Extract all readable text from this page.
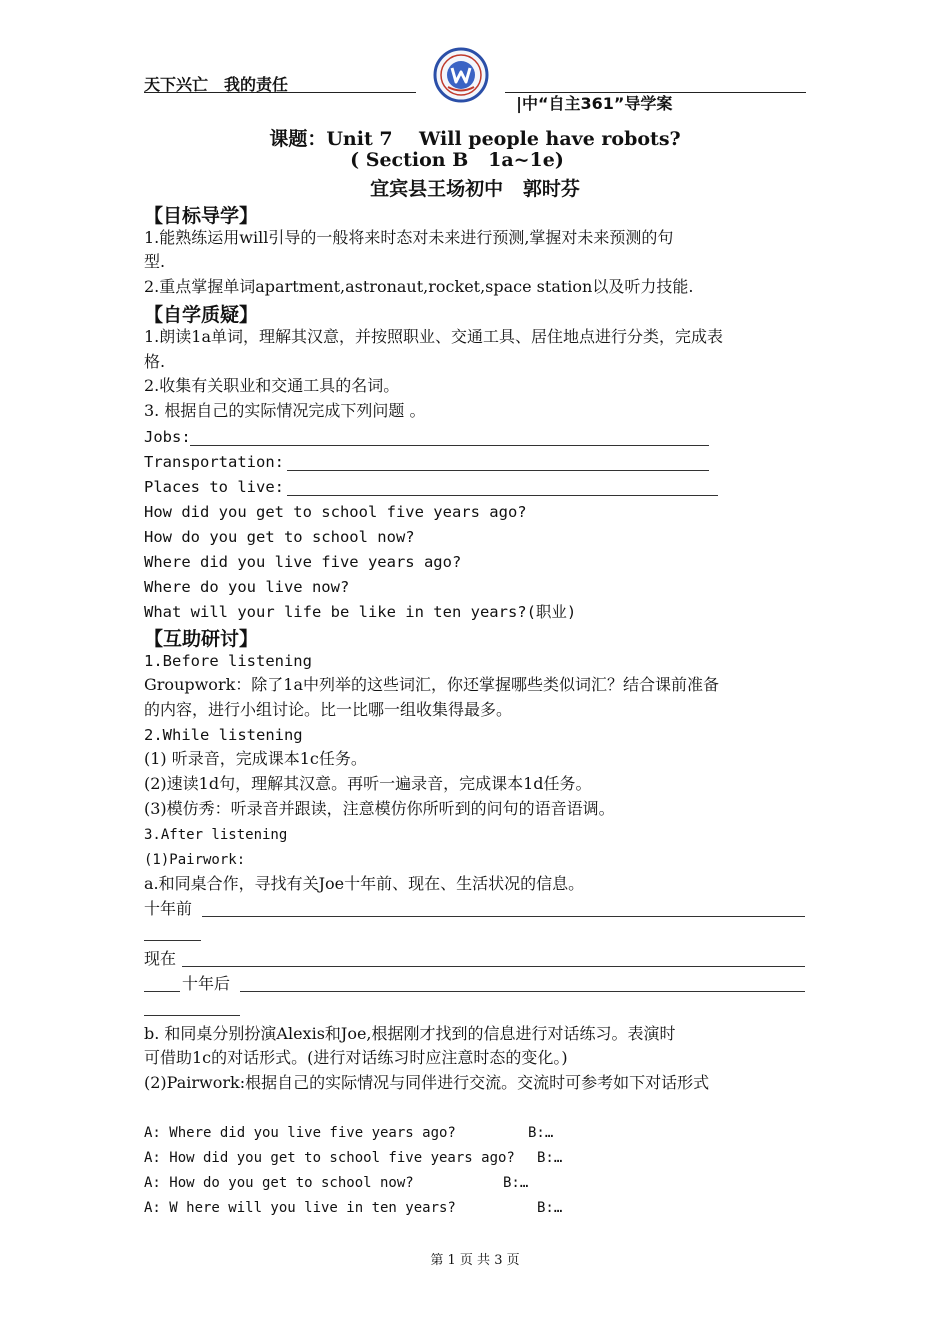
天下兴亡　我的责任

|中“自主361”导学案

课题：Unit 7    Will people have robots?
( Section B   1a~1e)
宜宾县王场初中   郭时芬
【目标导学】
1.能熟练运用will引导的一般将来时态对未来进行预测,掌握对未来预测的句
型.
2.重点掌握单词apartment,astronaut,rocket,space station以及听力技能.
【自学质疑】
1.朗读1a单词，理解其汉意，并按照职业、交通工具、居住地点进行分类，完成表
格.
2.收集有关职业和交通工具的名词。
3. 根据自己的实际情况完成下列问题 。
Jobs:
Transportation:
Places to live:
How did you get to school five years ago?
How do you get to school now?
Where did you live five years ago?
Where do you live now?
What will your life be like in ten years?(职业)
【互助研讨】
1.Before listening
Groupwork：除了1a中列举的这些词汇，你还掌握哪些类似词汇？结合课前准备
的内容，进行小组讨论。比一比哪一组收集得最多。
2.While listening
(1) 听录音，完成课本1c任务。
(2)速读1d句，理解其汉意。再听一遍录音，完成课本1d任务。
(3)模仿秀：听录音并跟读，注意模仿你所听到的问句的语音语调。
3.After listening
(1)Pairwork:
a.和同桌合作，寻找有关Joe十年前、现在、生活状况的信息。
十年前
现在
十年后
b. 和同桌分别扮演Alexis和Joe,根据刚才找到的信息进行对话练习。表演时
可借助1c的对话形式。(进行对话练习时应注意时态的变化。)
(2)Pairwork:根据自己的实际情况与同伴进行交流。交流时可参考如下对话形式
A: Where did you live five years ago?	B:…
A: How did you get to school five years ago? B:…
A: How do you get to school now?	B:…
A: W here will you live in ten years?	B:…
第 1 页 共 3 页
